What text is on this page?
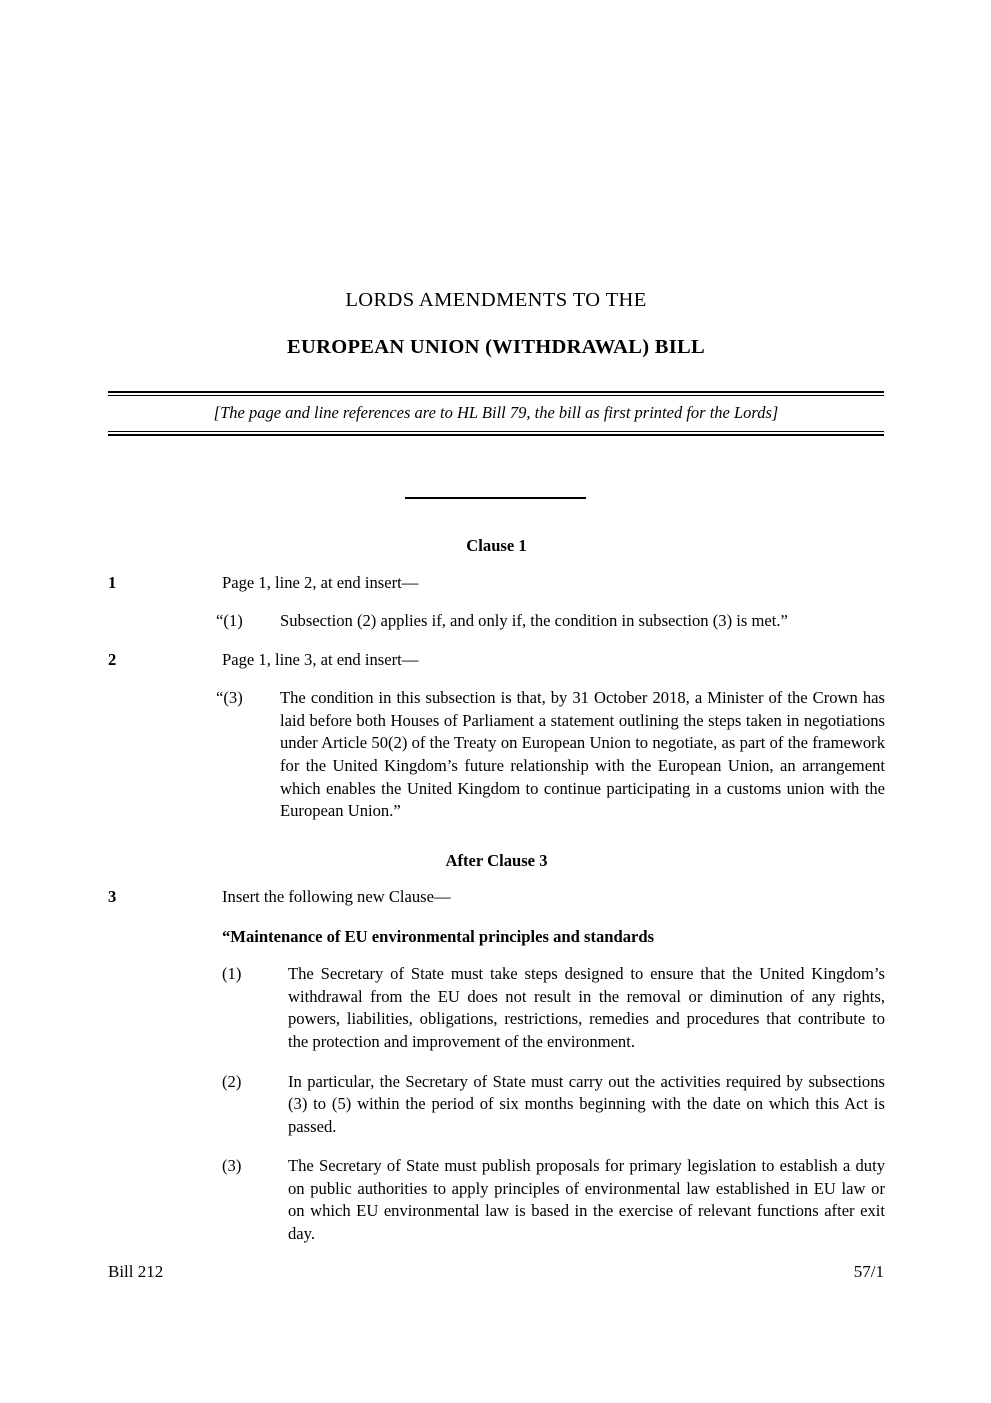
LORDS AMENDMENTS TO THE
EUROPEAN UNION (WITHDRAWAL) BILL
[The page and line references are to HL Bill 79, the bill as first printed for the Lords]
Clause 1
1	Page 1, line 2, at end insert—
“(1)	Subsection (2) applies if, and only if, the condition in subsection (3) is met.”
2	Page 1, line 3, at end insert—
“(3)	The condition in this subsection is that, by 31 October 2018, a Minister of the Crown has laid before both Houses of Parliament a statement outlining the steps taken in negotiations under Article 50(2) of the Treaty on European Union to negotiate, as part of the framework for the United Kingdom’s future relationship with the European Union, an arrangement which enables the United Kingdom to continue participating in a customs union with the European Union.”
After Clause 3
3	Insert the following new Clause—
“Maintenance of EU environmental principles and standards
(1)	The Secretary of State must take steps designed to ensure that the United Kingdom’s withdrawal from the EU does not result in the removal or diminution of any rights, powers, liabilities, obligations, restrictions, remedies and procedures that contribute to the protection and improvement of the environment.
(2)	In particular, the Secretary of State must carry out the activities required by subsections (3) to (5) within the period of six months beginning with the date on which this Act is passed.
(3)	The Secretary of State must publish proposals for primary legislation to establish a duty on public authorities to apply principles of environmental law established in EU law or on which EU environmental law is based in the exercise of relevant functions after exit day.
Bill 212	57/1
